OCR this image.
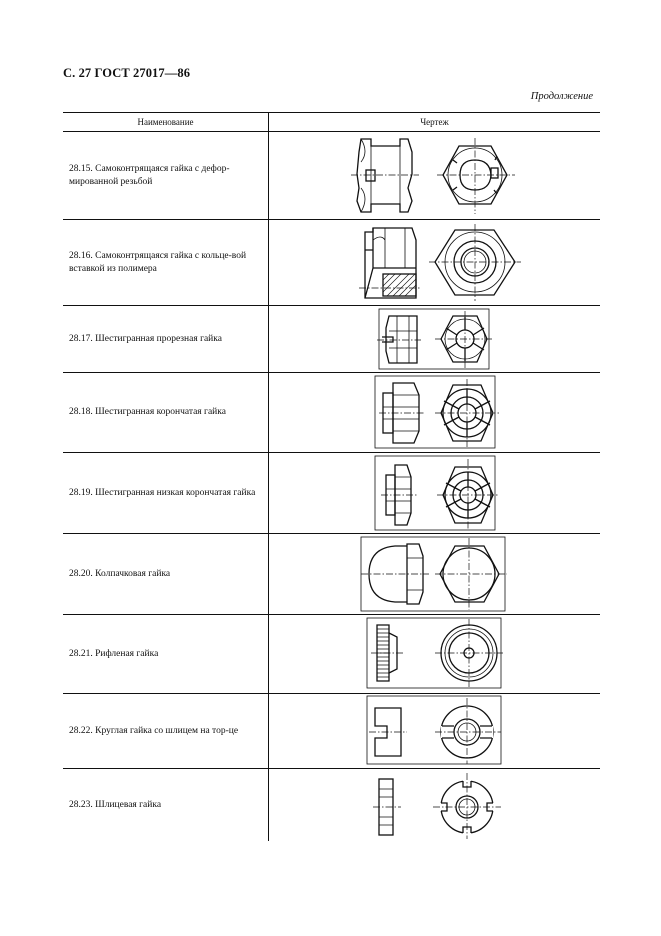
С. 27 ГОСТ 27017—86
Продолжение
Наименование	Чертеж
28.15. Самоконтрящаяся гайка с дефор-мированной резьбой
28.16. Самоконтрящаяся гайка с кольце-вой вставкой из полимера
28.17. Шестигранная прорезная гайка
28.18. Шестигранная корончатая гайка
28.19. Шестигранная низкая корончатая гайка
28.20. Колпачковая гайка
28.21. Рифленая гайка
28.22. Круглая гайка со шлицем на тор-це
28.23. Шлицевая гайка
